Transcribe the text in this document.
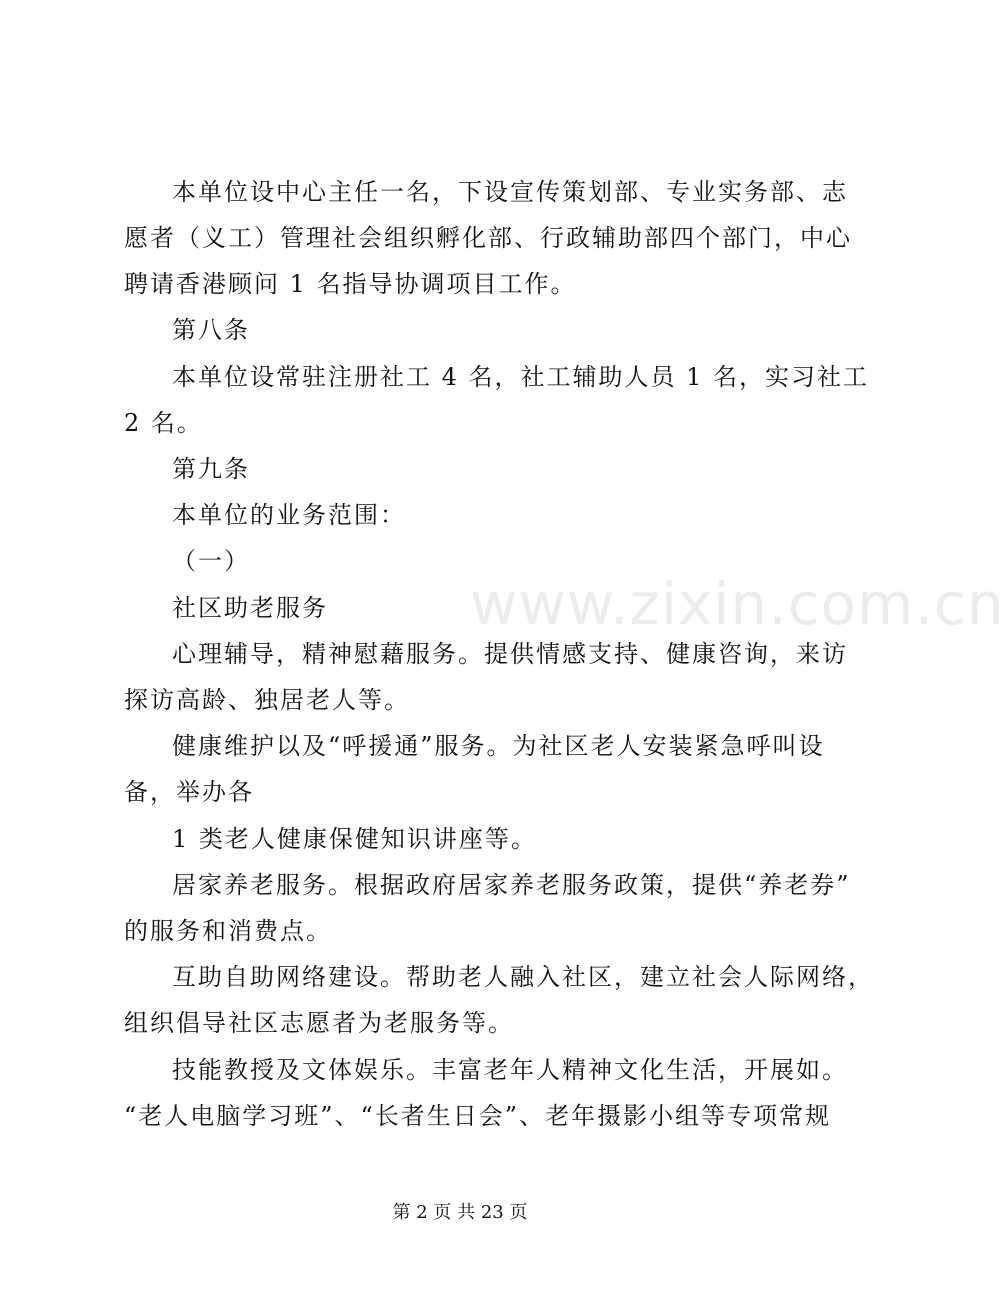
本单位设中心主任一名，下设宣传策划部、专业实务部、志
愿者（义工）管理社会组织孵化部、行政辅助部四个部门，中心
聘请香港顾问 1 名指导协调项目工作。
第八条
本单位设常驻注册社工 4 名，社工辅助人员 1 名，实习社工
2 名。
第九条
本单位的业务范围：
（一）
社区助老服务
心理辅导，精神慰藉服务。提供情感支持、健康咨询，来访
探访高龄、独居老人等。
健康维护以及“呼援通”服务。为社区老人安装紧急呼叫设
备，举办各
1 类老人健康保健知识讲座等。
居家养老服务。根据政府居家养老服务政策，提供“养老券”
的服务和消费点。
互助自助网络建设。帮助老人融入社区，建立社会人际网络，
组织倡导社区志愿者为老服务等。
技能教授及文体娱乐。丰富老年人精神文化生活，开展如。
“老人电脑学习班”、“长者生日会”、老年摄影小组等专项常规
www.zixin.com.cn
第 2 页 共 23 页
